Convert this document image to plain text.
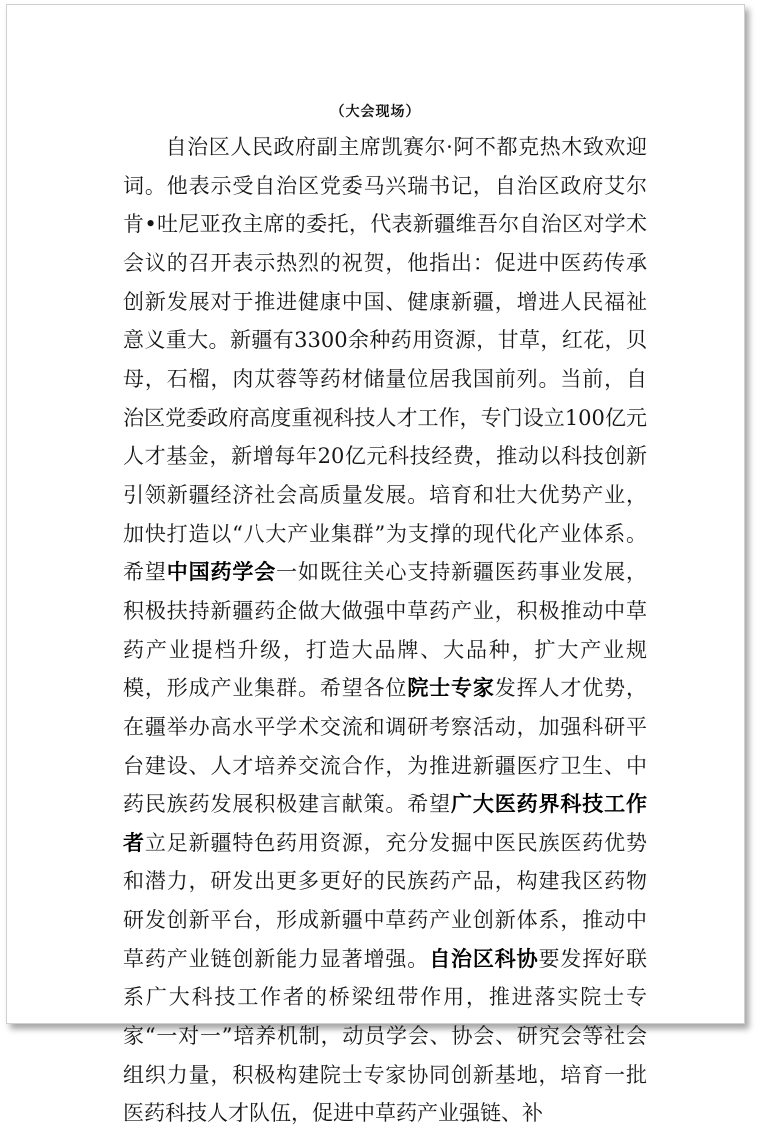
（大会现场）

自治区人民政府副主席凯赛尔·阿不都克热木致欢迎词。他表示受自治区党委马兴瑞书记，自治区政府艾尔肯•吐尼亚孜主席的委托，代表新疆维吾尔自治区对学术会议的召开表示热烈的祝贺，他指出：促进中医药传承创新发展对于推进健康中国、健康新疆，增进人民福祉意义重大。新疆有3300余种药用资源，甘草，红花，贝母，石榴，肉苁蓉等药材储量位居我国前列。当前，自治区党委政府高度重视科技人才工作，专门设立100亿元人才基金，新增每年20亿元科技经费，推动以科技创新引领新疆经济社会高质量发展。培育和壮大优势产业，加快打造以“八大产业集群”为支撑的现代化产业体系。希望中国药学会一如既往关心支持新疆医药事业发展，积极扶持新疆药企做大做强中草药产业，积极推动中草药产业提档升级，打造大品牌、大品种，扩大产业规模，形成产业集群。希望各位院士专家发挥人才优势，在疆举办高水平学术交流和调研考察活动，加强科研平台建设、人才培养交流合作，为推进新疆医疗卫生、中药民族药发展积极建言献策。希望广大医药界科技工作者立足新疆特色药用资源，充分发掘中医民族医药优势和潜力，研发出更多更好的民族药产品，构建我区药物研发创新平台，形成新疆中草药产业创新体系，推动中草药产业链创新能力显著增强。自治区科协要发挥好联系广大科技工作者的桥梁纽带作用，推进落实院士专家“一对一”培养机制，动员学会、协会、研究会等社会组织力量，积极构建院士专家协同创新基地，培育一批医药科技人才队伍，促进中草药产业强链、补
